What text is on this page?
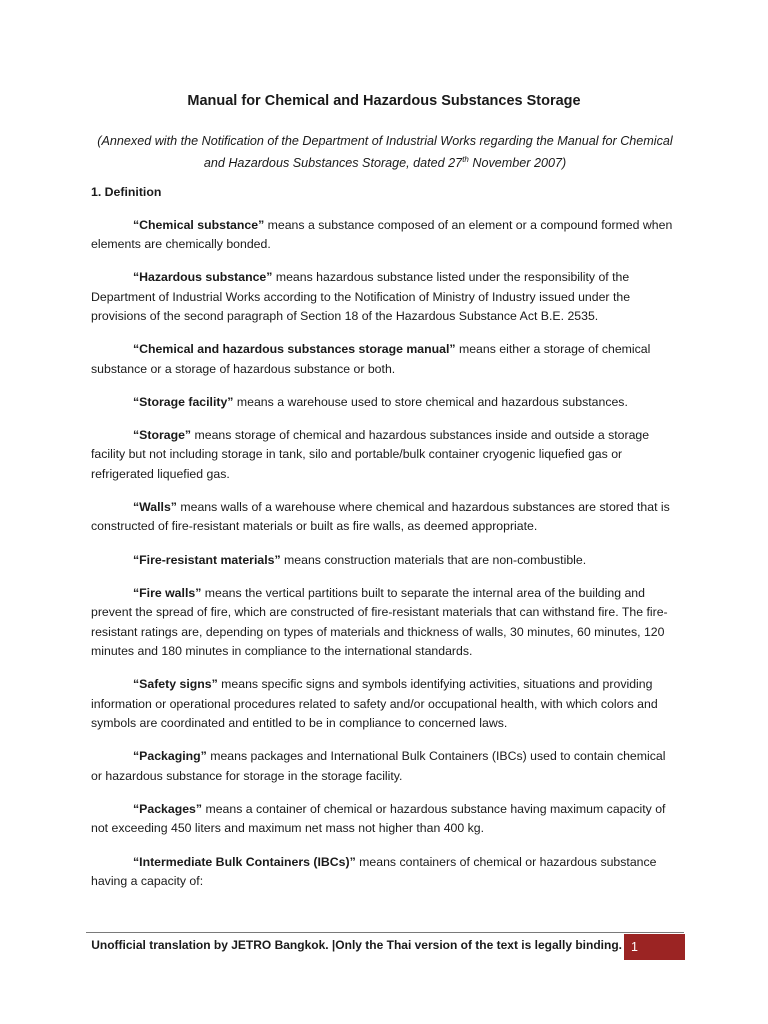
Manual for Chemical and Hazardous Substances Storage

(Annexed with the Notification of the Department of Industrial Works regarding the Manual for Chemical and Hazardous Substances Storage, dated 27th November 2007)

1. Definition

“Chemical substance” means a substance composed of an element or a compound formed when elements are chemically bonded.

“Hazardous substance” means hazardous substance listed under the responsibility of the Department of Industrial Works according to the Notification of Ministry of Industry issued under the provisions of the second paragraph of Section 18 of the Hazardous Substance Act B.E. 2535.

“Chemical and hazardous substances storage manual” means either a storage of chemical substance or a storage of hazardous substance or both.

“Storage facility” means a warehouse used to store chemical and hazardous substances.

“Storage” means storage of chemical and hazardous substances inside and outside a storage facility but not including storage in tank, silo and portable/bulk container cryogenic liquefied gas or refrigerated liquefied gas.

“Walls” means walls of a warehouse where chemical and hazardous substances are stored that is constructed of fire-resistant materials or built as fire walls, as deemed appropriate.

“Fire-resistant materials” means construction materials that are non-combustible.

“Fire walls” means the vertical partitions built to separate the internal area of the building and prevent the spread of fire, which are constructed of fire-resistant materials that can withstand fire. The fire-resistant ratings are, depending on types of materials and thickness of walls, 30 minutes, 60 minutes, 120 minutes and 180 minutes in compliance to the international standards.

“Safety signs” means specific signs and symbols identifying activities, situations and providing information or operational procedures related to safety and/or occupational health, with which colors and symbols are coordinated and entitled to be in compliance to concerned laws.

“Packaging” means packages and International Bulk Containers (IBCs) used to contain chemical or hazardous substance for storage in the storage facility.

“Packages” means a container of chemical or hazardous substance having maximum capacity of not exceeding 450 liters and maximum net mass not higher than 400 kg.

“Intermediate Bulk Containers (IBCs)” means containers of chemical or hazardous substance having a capacity of:

Unofficial translation by JETRO Bangkok. |Only the Thai version of the text is legally binding. 1
